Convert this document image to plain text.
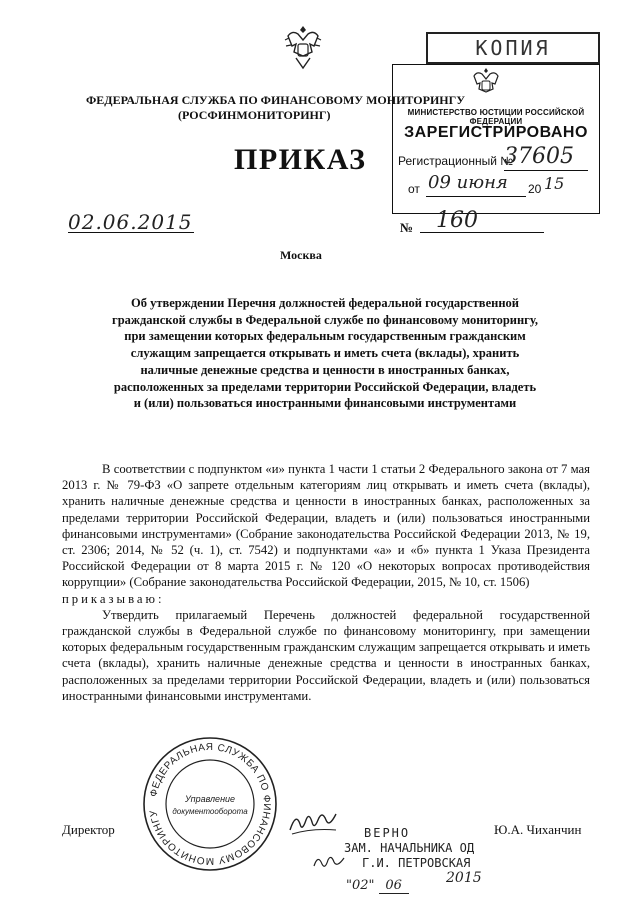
КОПИЯ
МИНИСТЕРСТВО ЮСТИЦИИ РОССИЙСКОЙ ФЕДЕРАЦИИ
ЗАРЕГИСТРИРОВАНО
Регистрационный №
37605
от 09 июня 20 15
ФЕДЕРАЛЬНАЯ СЛУЖБА ПО ФИНАНСОВОМУ МОНИТОРИНГУ
(РОСФИНМОНИТОРИНГ)
ПРИКАЗ
02.06.2015	№ 160
Москва
Об утверждении Перечня должностей федеральной государственной
гражданской службы в Федеральной службе по финансовому мониторингу,
при замещении которых федеральным государственным гражданским
служащим запрещается открывать и иметь счета (вклады), хранить
наличные денежные средства и ценности в иностранных банках,
расположенных за пределами территории Российской Федерации, владеть
и (или) пользоваться иностранными финансовыми инструментами

В соответствии с подпунктом «и» пункта 1 части 1 статьи 2 Федерального закона от 7 мая 2013 г. № 79-ФЗ «О запрете отдельным категориям лиц открывать и иметь счета (вклады), хранить наличные денежные средства и ценности в иностранных банках, расположенных за пределами территории Российской Федерации, владеть и (или) пользоваться иностранными финансовыми инструментами» (Собрание законодательства Российской Федерации 2013, № 19, ст. 2306; 2014, № 52 (ч. 1), ст. 7542) и подпунктами «а» и «б» пункта 1 Указа Президента Российской Федерации от 8 марта 2015 г. № 120 «О некоторых вопросах противодействия коррупции» (Собрание законодательства Российской Федерации, 2015, № 10, ст. 1506)

приказываю:

Утвердить прилагаемый Перечень должностей федеральной государственной гражданской службы в Федеральной службе по финансовому мониторингу, при замещении которых федеральным государственным гражданским служащим запрещается открывать и иметь счета (вклады), хранить наличные денежные средства и ценности в иностранных банках, расположенных за пределами территории Российской Федерации, владеть и (или) пользоваться иностранными финансовыми инструментами.

ФЕДЕРАЛЬНАЯ СЛУЖБА ПО ФИНАНСОВОМУ МОНИТОРИНГУ
Управление
документооборота
Директор	Ю.А. Чиханчин
ВЕРНО
ЗАМ. НАЧАЛЬНИКА ОД
Г.И. ПЕТРОВСКАЯ
"02" 06	2015
